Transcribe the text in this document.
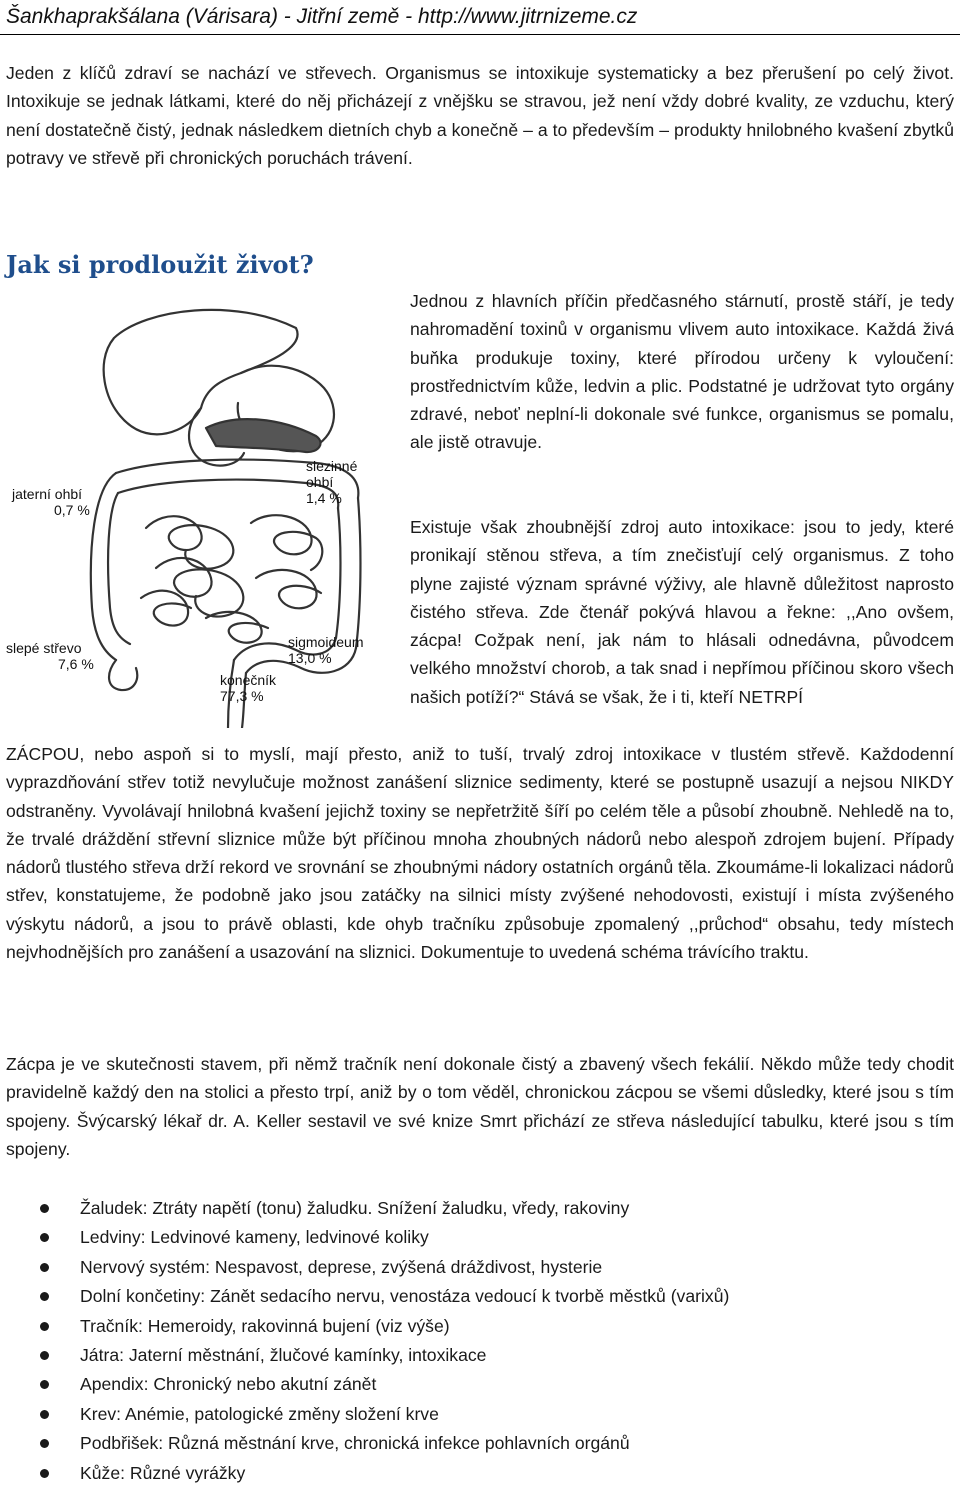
Šankhaprakšálana (Várisara) - Jitřní země - http://www.jitrnizeme.cz

Jeden z klíčů zdraví se nachází ve střevech. Organismus se intoxikuje systematicky a bez přerušení po celý život. Intoxikuje se jednak látkami, které do něj přicházejí z vnějšku se stravou, jež není vždy dobré kvality, ze vzduchu, který není dostatečně čistý, jednak následkem dietních chyb a konečně – a to především – produkty hnilobného kvašení zbytků potravy ve střevě při chronických poruchách trávení.

Jak si prodloužit život?
jaterní ohbí
0,7 %
slezinné
ohbí
1,4 %
slepé střevo
7,6 %
sigmoideum
13,0 %
konečník
77,3 %

Jednou z hlavních příčin předčasného stárnutí, prostě stáří, je tedy nahromadění toxinů v organismu vlivem auto intoxikace. Každá živá buňka produkuje toxiny, které přírodou určeny k vyloučení: prostřednictvím kůže, ledvin a plic. Podstatné je udržovat tyto orgány zdravé, neboť neplní-li dokonale své funkce, organismus se pomalu, ale jistě otravuje.

Existuje však zhoubnější zdroj auto intoxikace: jsou to jedy, které pronikají stěnou střeva, a tím znečisťují celý organismus. Z toho plyne zajisté význam správné výživy, ale hlavně důležitost naprosto čistého střeva. Zde čtenář pokývá hlavou a řekne: ,,Ano ovšem, zácpa! Cožpak není, jak nám to hlásali odnedávna, původcem velkého množství chorob, a tak snad i nepřímou příčinou skoro všech našich potíží?“ Stává se však, že i ti, kteří NETRPÍ

ZÁCPOU, nebo aspoň si to myslí, mají přesto, aniž to tuší, trvalý zdroj intoxikace v tlustém střevě. Každodenní vyprazdňování střev totiž nevylučuje možnost zanášení sliznice sedimenty, které se postupně usazují a nejsou NIKDY odstraněny. Vyvolávají hnilobná kvašení jejichž toxiny se nepřetržitě šíří po celém těle a působí zhoubně. Nehledě na to, že trvalé dráždění střevní sliznice může být příčinou mnoha zhoubných nádorů nebo alespoň zdrojem bujení. Případy nádorů tlustého střeva drží rekord ve srovnání se zhoubnými nádory ostatních orgánů těla. Zkoumáme-li lokalizaci nádorů střev, konstatujeme, že podobně jako jsou zatáčky na silnici místy zvýšené nehodovosti, existují i místa zvýšeného výskytu nádorů, a jsou to právě oblasti, kde ohyb tračníku způsobuje zpomalený ,,průchod“ obsahu, tedy místech nejvhodnějších pro zanášení a usazování na sliznici. Dokumentuje to uvedená schéma trávícího traktu.

Zácpa je ve skutečnosti stavem, při němž tračník není dokonale čistý a zbavený všech fekálií. Někdo může tedy chodit pravidelně každý den na stolici a přesto trpí, aniž by o tom věděl, chronickou zácpou se všemi důsledky, které jsou s tím spojeny. Švýcarský lékař dr. A. Keller sestavil ve své knize Smrt přichází ze střeva následující tabulku, které jsou s tím spojeny.

Žaludek: Ztráty napětí (tonu) žaludku. Snížení žaludku, vředy, rakoviny
Ledviny: Ledvinové kameny, ledvinové koliky
Nervový systém: Nespavost, deprese, zvýšená dráždivost, hysterie
Dolní končetiny: Zánět sedacího nervu, venostáza vedoucí k tvorbě městků (varixů)
Tračník: Hemeroidy, rakovinná bujení (viz výše)
Játra: Jaterní městnání, žlučové kamínky, intoxikace
Apendix: Chronický nebo akutní zánět
Krev: Anémie, patologické změny složení krve
Podbřišek: Různá městnání krve, chronická infekce pohlavních orgánů
Kůže: Různé vyrážky
